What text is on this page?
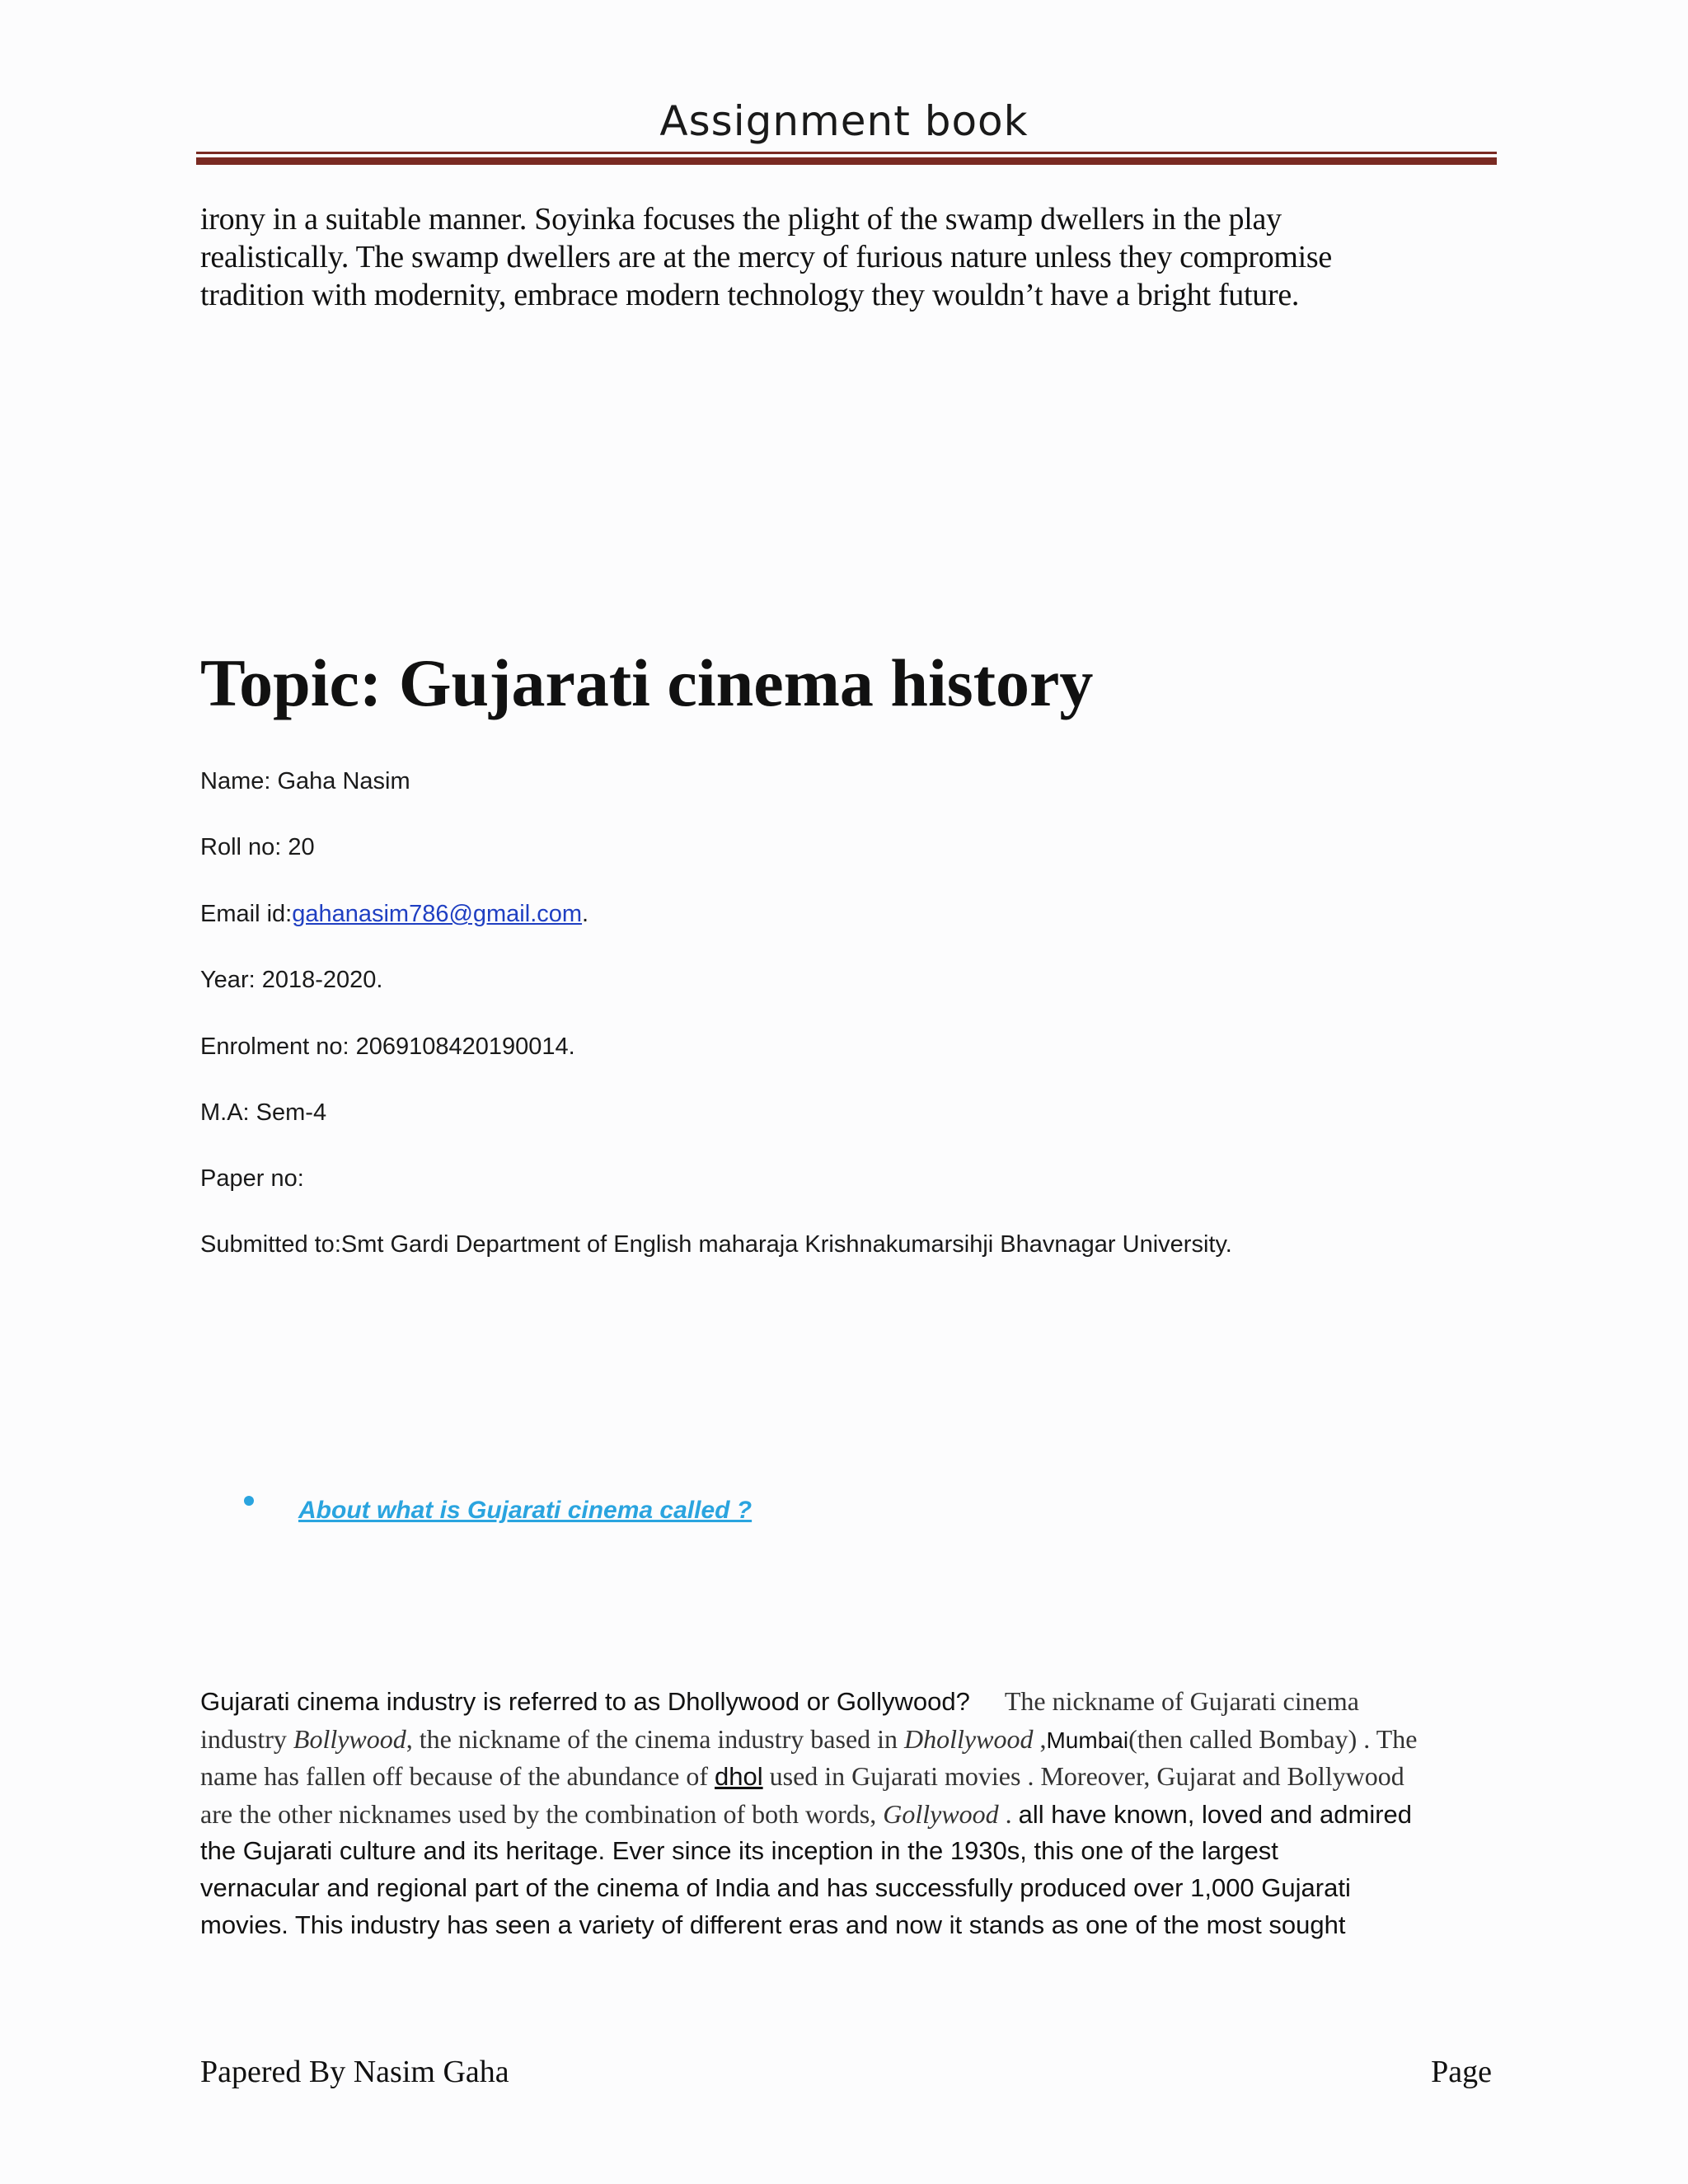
Assignment book

irony in a suitable manner. Soyinka focuses the plight of the swamp dwellers in the play

realistically. The swamp dwellers are at the mercy of furious nature unless they compromise

tradition with modernity, embrace modern technology they wouldn’t have a bright future.

Topic: Gujarati cinema history
Name: Gaha Nasim
Roll no: 20
Email id:gahanasim786@gmail.com.
Year: 2018-2020.
Enrolment no: 2069108420190014.
M.A: Sem-4
Paper no:
Submitted to:Smt Gardi Department of English maharaja Krishnakumarsihji Bhavnagar University.
About what is Gujarati cinema called ?
Gujarati cinema industry is referred to as Dhollywood or Gollywood? The nickname of Gujarati cinema
industry Bollywood, the nickname of the cinema industry based in Dhollywood ,Mumbai(then called Bombay) . The
name has fallen off because of the abundance of dhol used in Gujarati movies . Moreover, Gujarat and Bollywood
are the other nicknames used by the combination of both words, Gollywood . all have known, loved and admired
the Gujarati culture and its heritage. Ever since its inception in the 1930s, this one of the largest
vernacular and regional part of the cinema of India and has successfully produced over 1,000 Gujarati
movies. This industry has seen a variety of different eras and now it stands as one of the most sought
Papered By Nasim Gaha	Page
